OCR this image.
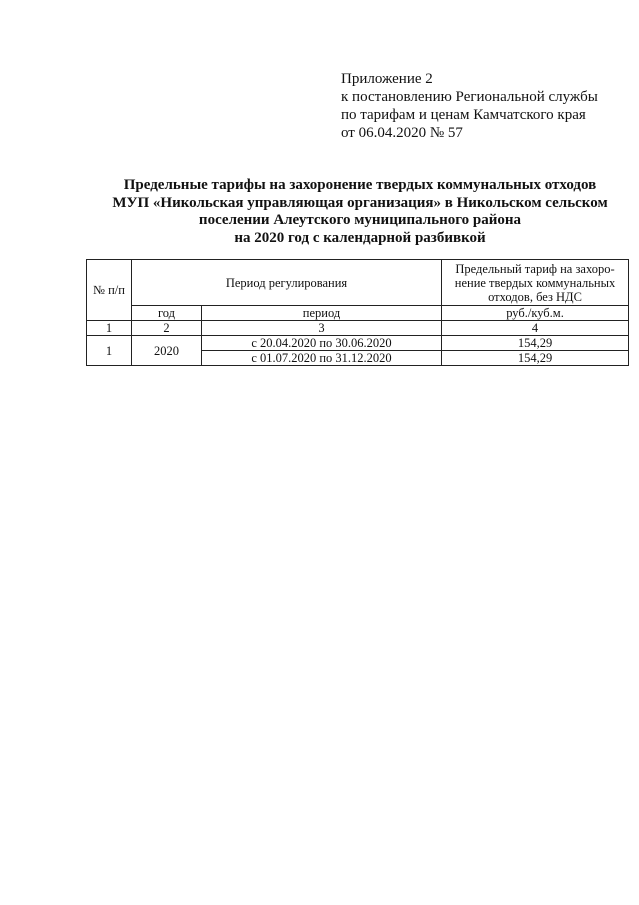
Приложение 2
к постановлению Региональной службы
по тарифам и ценам Камчатского края
от 06.04.2020 № 57
Предельные тарифы на захоронение твердых коммунальных отходов
МУП «Никольская управляющая организация» в Никольском сельском
поселении Алеутского муниципального района
на 2020 год с календарной разбивкой
№ п/п	Период регулирования		Предельный тариф на захоро-
нение твердых коммунальных
отходов, без НДС

	год	период	руб./куб.м.
1	2	3	4
1	2020	с 20.04.2020 по 30.06.2020	154,29
		с 01.07.2020 по 31.12.2020	154,29
